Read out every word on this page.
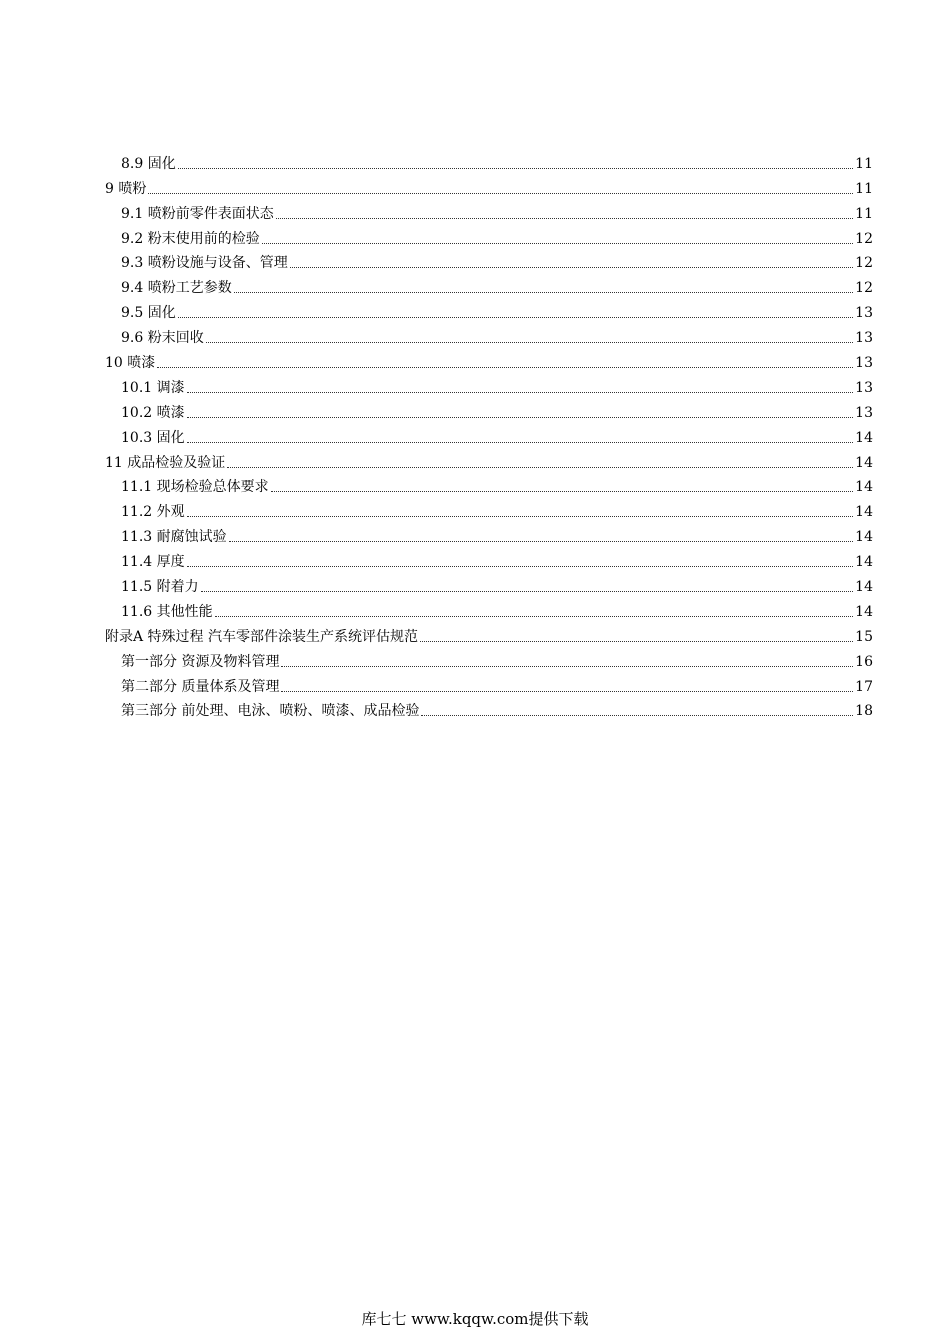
8.9 固化	11
9 喷粉	11
9.1 喷粉前零件表面状态	11
9.2 粉末使用前的检验	12
9.3 喷粉设施与设备、管理	12
9.4 喷粉工艺参数	12
9.5 固化	13
9.6 粉末回收	13
10 喷漆	13
10.1 调漆	13
10.2 喷漆	13
10.3 固化	14
11 成品检验及验证	14
11.1 现场检验总体要求	14
11.2 外观	14
11.3 耐腐蚀试验	14
11.4 厚度	14
11.5 附着力	14
11.6 其他性能	14
附录A 特殊过程 汽车零部件涂装生产系统评估规范	15
第一部分 资源及物料管理	16
第二部分 质量体系及管理	17
第三部分 前处理、电泳、喷粉、喷漆、成品检验	18
库七七 www.kqqw.com提供下载
